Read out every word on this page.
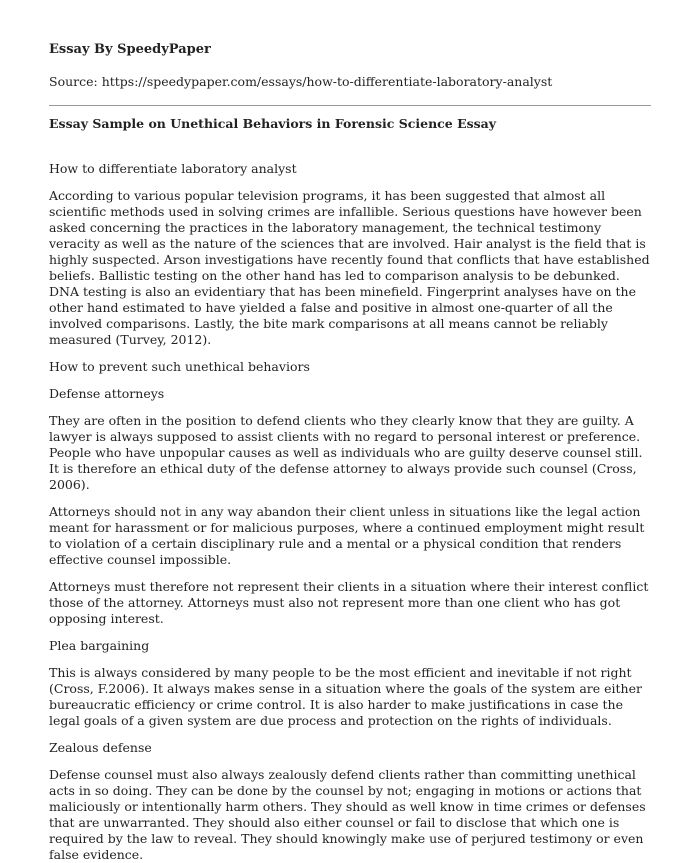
Essay By SpeedyPaper
Source: https://speedypaper.com/essays/how-to-differentiate-laboratory-analyst
Essay Sample on Unethical Behaviors in Forensic Science Essay

How to differentiate laboratory analyst

According to various popular television programs, it has been suggested that almost all scientific methods used in solving crimes are infallible. Serious questions have however been asked concerning the practices in the laboratory management, the technical testimony veracity as well as the nature of the sciences that are involved. Hair analyst is the field that is highly suspected. Arson investigations have recently found that conflicts that have established beliefs. Ballistic testing on the other hand has led to comparison analysis to be debunked. DNA testing is also an evidentiary that has been minefield. Fingerprint analyses have on the other hand estimated to have yielded a false and positive in almost one-quarter of all the involved comparisons. Lastly, the bite mark comparisons at all means cannot be reliably measured (Turvey, 2012).

How to prevent such unethical behaviors

Defense attorneys

They are often in the position to defend clients who they clearly know that they are guilty. A lawyer is always supposed to assist clients with no regard to personal interest or preference. People who have unpopular causes as well as individuals who are guilty deserve counsel still. It is therefore an ethical duty of the defense attorney to always provide such counsel (Cross, 2006).

Attorneys should not in any way abandon their client unless in situations like the legal action meant for harassment or for malicious purposes, where a continued employment might result to violation of a certain disciplinary rule and a mental or a physical condition that renders effective counsel impossible.

Attorneys must therefore not represent their clients in a situation where their interest conflict those of the attorney. Attorneys must also not represent more than one client who has got opposing interest.

Plea bargaining

This is always considered by many people to be the most efficient and inevitable if not right (Cross, F.2006). It always makes sense in a situation where the goals of the system are either bureaucratic efficiency or crime control. It is also harder to make justifications in case the legal goals of a given system are due process and protection on the rights of individuals.

Zealous defense

Defense counsel must also always zealously defend clients rather than committing unethical acts in so doing. They can be done by the counsel by not; engaging in motions or actions that maliciously or intentionally harm others. They should as well know in time crimes or defenses that are unwarranted. They should also either counsel or fail to disclose that which one is required by the law to reveal. They should knowingly make use of perjured testimony or even false evidence.
